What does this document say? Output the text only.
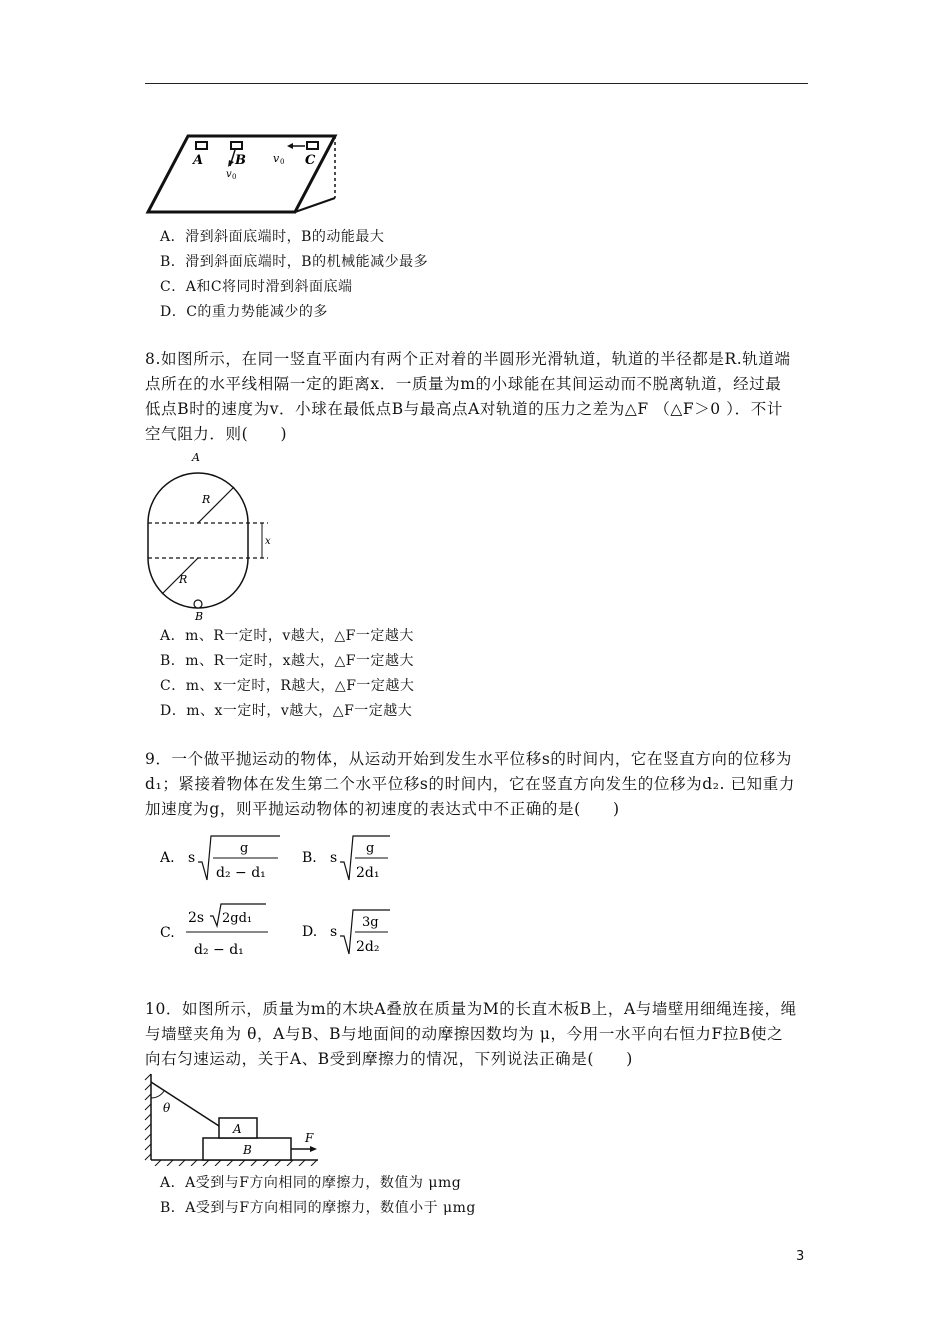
A B	C
v 0
v 0
A．滑到斜面底端时，B的动能最大
B．滑到斜面底端时，B的机械能减少最多
C．A和C将同时滑到斜面底端
D．C的重力势能减少的多

8.如图所示，在同一竖直平面内有两个正对着的半圆形光滑轨道，轨道的半径都是R.轨道端

点所在的水平线相隔一定的距离x．一质量为m的小球能在其间运动而不脱离轨道，经过最

低点B时的速度为v．小球在最低点B与最高点A对轨道的压力之差为△F （△F＞0 ）．不计

空气阻力．则(　　)

A
B
R
R
x
A．m、R一定时，v越大，△F一定越大
B．m、R一定时，x越大，△F一定越大
C．m、x一定时，R越大，△F一定越大
D．m、x一定时，v越大，△F一定越大

9．一个做平抛运动的物体，从运动开始到发生水平位移s的时间内，它在竖直方向的位移为

d₁；紧接着物体在发生第二个水平位移s的时间内，它在竖直方向发生的位移为d₂. 已知重力

加速度为g，则平抛运动物体的初速度的表达式中不正确的是(　　)

A. s
g
d₂ − d₁
B. s
g
2d₁
C.
2s 2gd₁
d₂ − d₁
D. s
3g
2d₂

10．如图所示，质量为m的木块A叠放在质量为M的长直木板B上，A与墙壁用细绳连接，绳

与墙壁夹角为 θ，A与B、B与地面间的动摩擦因数均为 μ，今用一水平向右恒力F拉B使之

向右匀速运动，关于A、B受到摩擦力的情况，下列说法正确是(　　)

θ
A
B
F
A．A受到与F方向相同的摩擦力，数值为 μmg
B．A受到与F方向相同的摩擦力，数值小于 μmg
3
